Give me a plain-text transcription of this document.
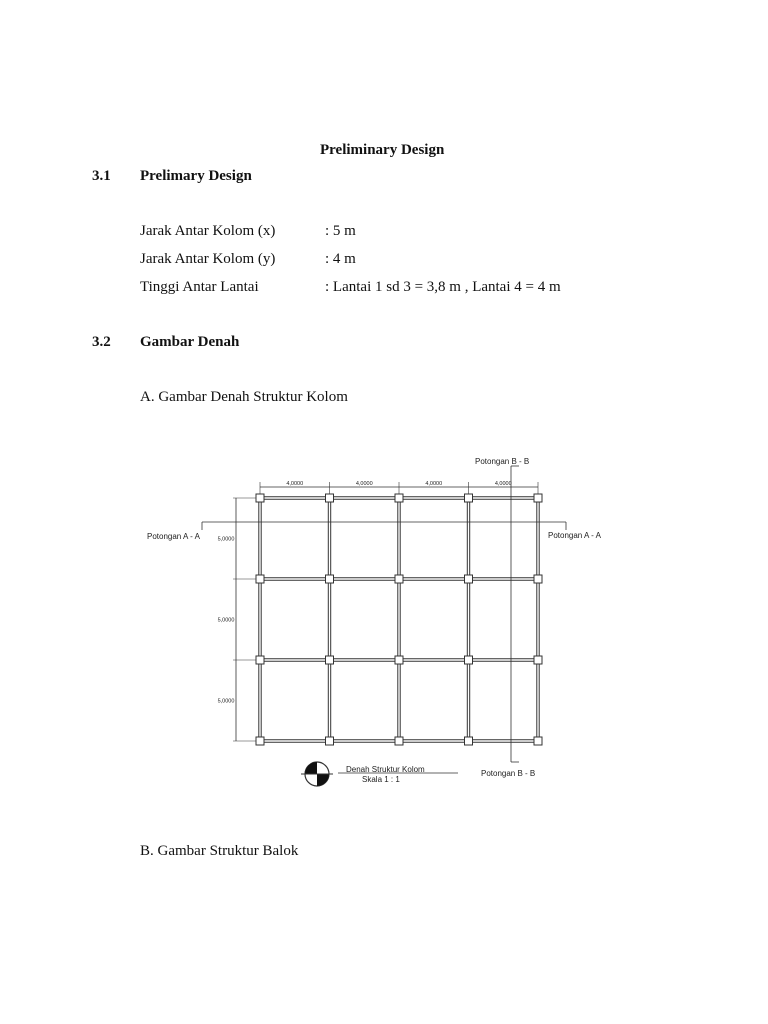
Preliminary Design
3.1 Prelimary Design
Jarak Antar Kolom (x)	: 5 m
Jarak Antar Kolom (y)	: 4 m
Tinggi Antar Lantai	: Lantai 1 sd 3 = 3,8 m , Lantai 4 = 4 m
3.2 Gambar Denah
A. Gambar Denah Struktur Kolom
4,0000	4,0000	4,0000	4,0000
5,0000
5,0000
5,0000
Potongan A - A	Potongan A - A
Potongan B - B
Potongan B - B
Denah Struktur Kolom
Skala 1 : 1
B. Gambar Struktur Balok
